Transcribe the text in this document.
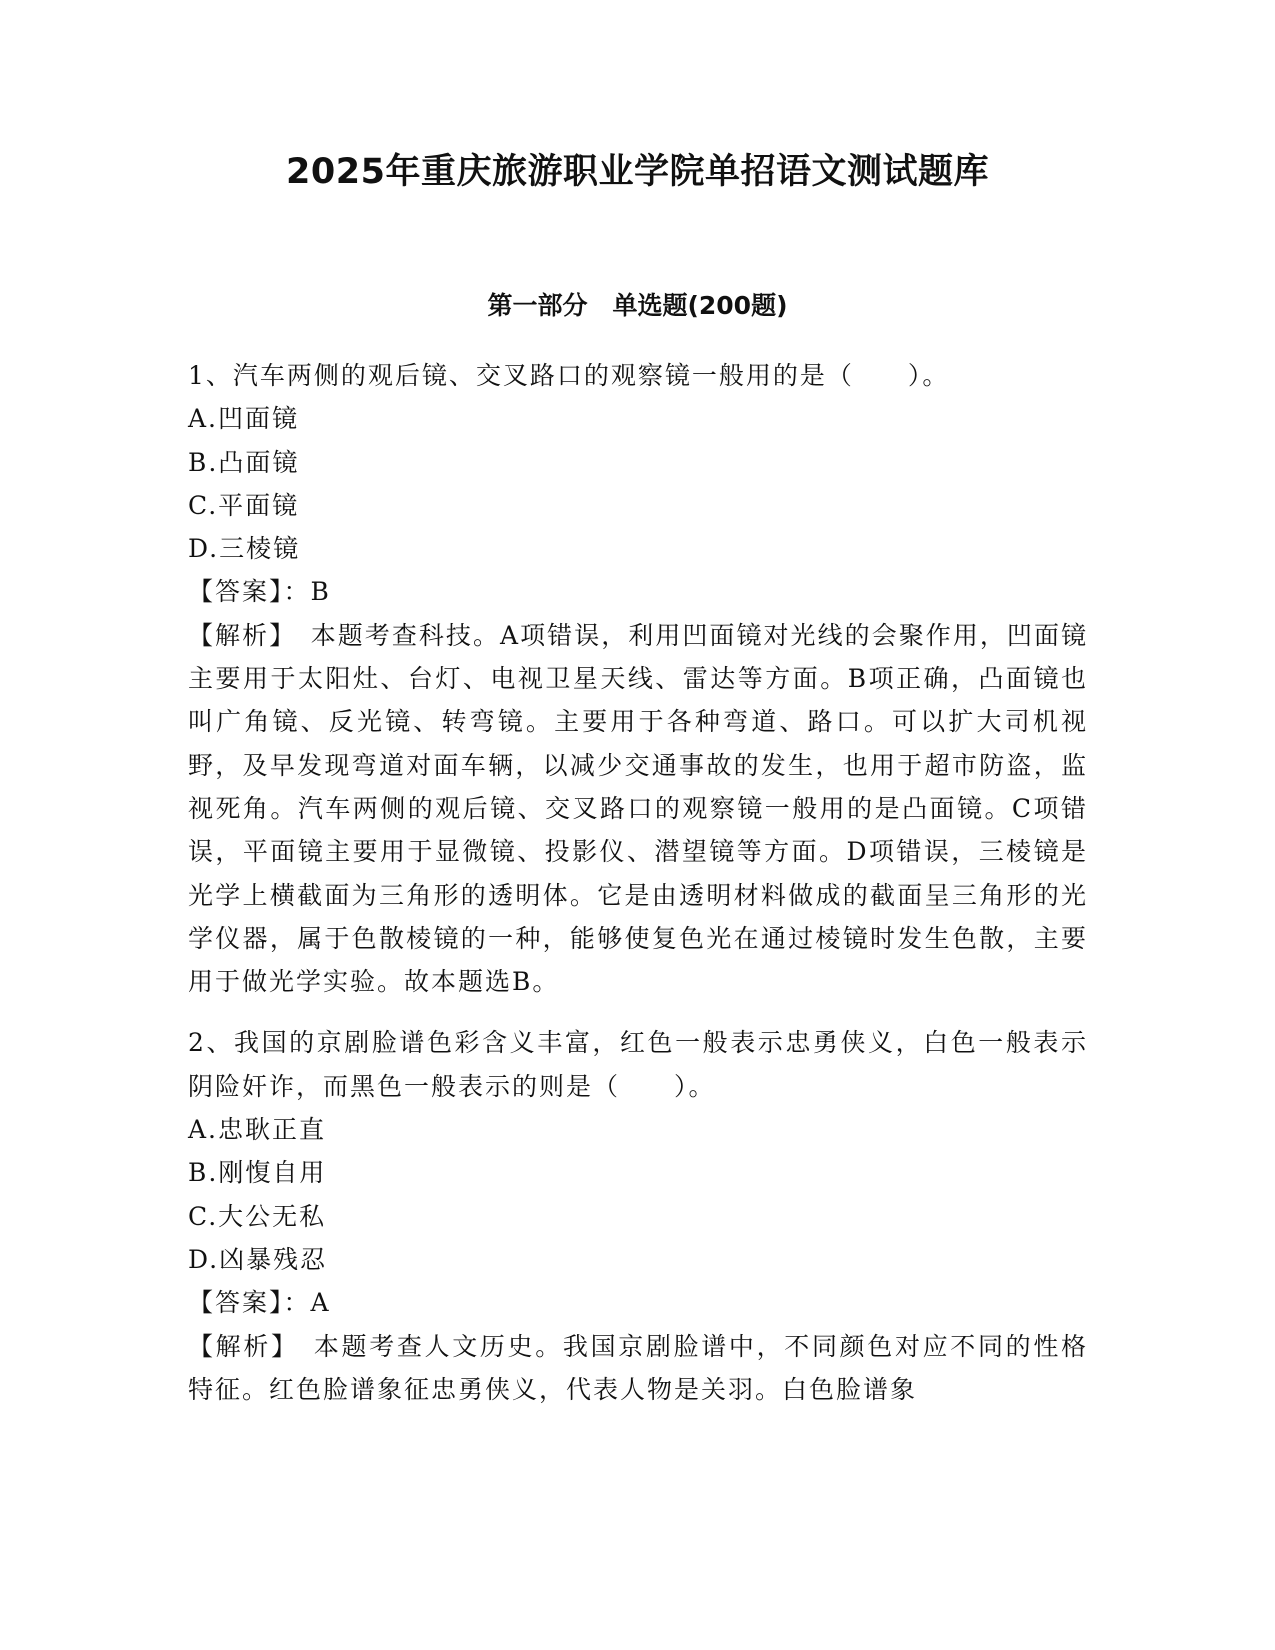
2025年重庆旅游职业学院单招语文测试题库
第一部分　单选题(200题)
1、汽车两侧的观后镜、交叉路口的观察镜一般用的是（　　）。
A.凹面镜
B.凸面镜
C.平面镜
D.三棱镜
【答案】：B
【解析】　本题考查科技。A项错误，利用凹面镜对光线的会聚作用，凹面镜主要用于太阳灶、台灯、电视卫星天线、雷达等方面。B项正确，凸面镜也叫广角镜、反光镜、转弯镜。主要用于各种弯道、路口。可以扩大司机视野，及早发现弯道对面车辆，以减少交通事故的发生，也用于超市防盗，监视死角。汽车两侧的观后镜、交叉路口的观察镜一般用的是凸面镜。C项错误，平面镜主要用于显微镜、投影仪、潜望镜等方面。D项错误，三棱镜是光学上横截面为三角形的透明体。它是由透明材料做成的截面呈三角形的光学仪器，属于色散棱镜的一种，能够使复色光在通过棱镜时发生色散，主要用于做光学实验。故本题选B。
2、我国的京剧脸谱色彩含义丰富，红色一般表示忠勇侠义，白色一般表示阴险奸诈，而黑色一般表示的则是（　　）。
A.忠耿正直
B.刚愎自用
C.大公无私
D.凶暴残忍
【答案】：A
【解析】　本题考查人文历史。我国京剧脸谱中，不同颜色对应不同的性格特征。红色脸谱象征忠勇侠义，代表人物是关羽。白色脸谱象
